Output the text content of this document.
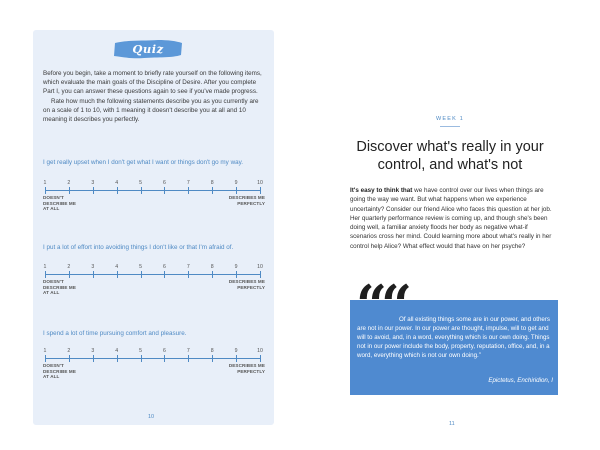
Quiz

Before you begin, take a moment to briefly rate yourself on the following items, which evaluate the main goals of the Discipline of Desire. After you complete Part I, you can answer these questions again to see if you've made progress.

Rate how much the following statements describe you as you currently are on a scale of 1 to 10, with 1 meaning it doesn't describe you at all and 10 meaning it describes you perfectly.

I get really upset when I don't get what I want or things don't go my way.
1	2	3	4	5	6	7	8	9	10
DOESN'T DESCRIBE ME AT ALL
DESCRIBES ME PERFECTLY
I put a lot of effort into avoiding things I don't like or that I'm afraid of.
1	2	3	4	5	6	7	8	9	10
DOESN'T DESCRIBE ME AT ALL
DESCRIBES ME PERFECTLY
I spend a lot of time pursuing comfort and pleasure.
1	2	3	4	5	6	7	8	9	10
DOESN'T DESCRIBE ME AT ALL
DESCRIBES ME PERFECTLY
10
WEEK 1
Discover what's really in your control, and what's not
It's easy to think that we have control over our lives when things are going the way we want. But what happens when we experience uncertainty? Consider our friend Alice who faces this question at her job. Her quarterly performance review is coming up, and though she's been doing well, a familiar anxiety floods her body as negative what-if scenarios cross her mind. Could learning more about what's really in her control help Alice? What effect would that have on her psyche?
““
Of all existing things some are in our power, and others are not in our power. In our power are thought, impulse, will to get and will to avoid, and, in a word, everything which is our own doing. Things not in our power include the body, property, reputation, office, and, in a word, everything which is not our own doing.”
Epictetus, Enchiridion, I
11
